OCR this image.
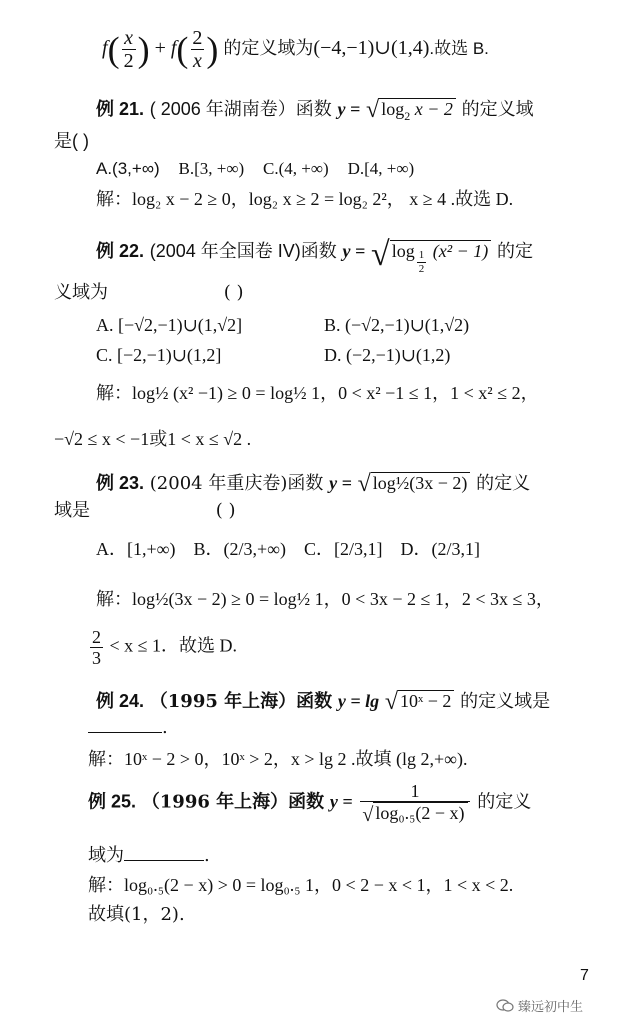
$f( \frac{x}{2}$ ) + $f( \frac{2}{x}$ ) 的定义域为(−4,−1)∪(1,4).故选 B.
例 21. ( 2006 年湖南卷）函数 y = √ $\log_2 x - 2$ 的定义域
是( )
A.(3,+∞) B.[3, +∞) C.(4, +∞) D.[4, +∞)
解：log₂ x − 2 ≥ 0，log₂ x ≥ 2 = log₂ 2²， x ≥ 4 .故选 D.
例 22. (2004 年全国卷 IV)函数 y = √ $\log \frac{1}{2} (x^2 - 1)$ 的定
义域为	( )
A. [−√2,−1)∪(1,√2]	B. (−√2,−1)∪(1,√2)
C. [−2,−1)∪(1,2]	D. (−2,−1)∪(1,2)
解：log½ (x² −1) ≥ 0 = log½ 1，0 < x² −1 ≤ 1，1 < x² ≤ 2，
−√2 ≤ x < −1或1 < x ≤ √2 .
例 23. (2004 年重庆卷)函数 y = √ log½(3x − 2) 的定义
域是	( )
A．[1,+∞) B．(2/3,+∞) C．[2/3,1] D．(2/3,1]
解：log½(3x − 2) ≥ 0 = log½ 1，0 < 3x − 2 ≤ 1，2 < 3x ≤ 3，
$\frac{2}{3} < x \le 1$．故选 D.
例 24. （1995 年上海）函数 y = lg √ 10ˣ − 2 的定义域是
.
解：10ˣ − 2 > 0，10ˣ > 2，x > lg 2 .故填 (lg 2,+∞).
例 25. （1996 年上海）函数 $y = \frac{1}{\text{√ log₀.₅(2 − x)}}$ 的定义
域为	.
解：log₀.₅(2 − x) > 0 = log₀.₅ 1，0 < 2 − x < 1，1 < x < 2.
故填(1，2).
7
臻远初中生
